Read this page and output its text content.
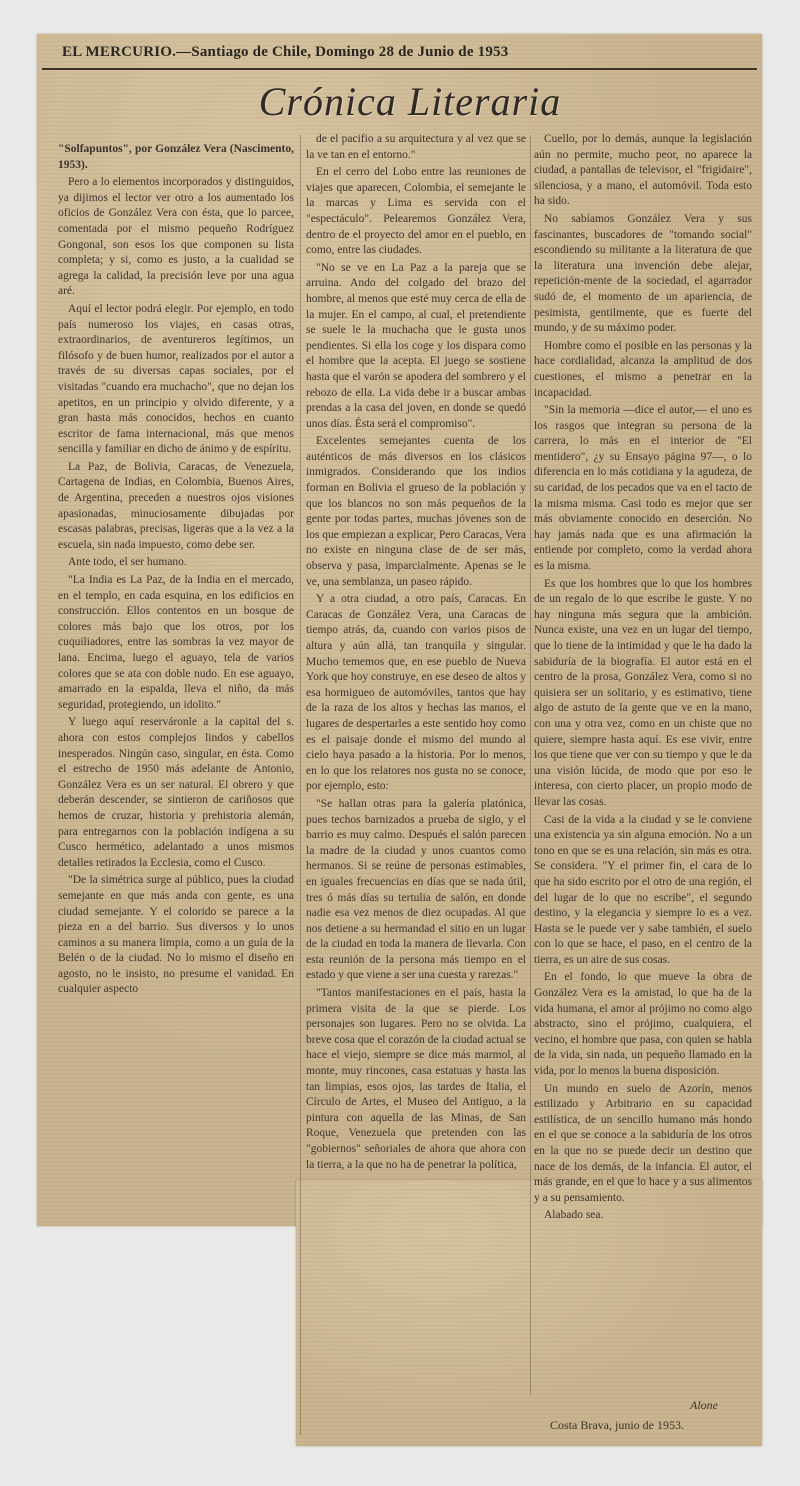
EL MERCURIO.—Santiago de Chile, Domingo 28 de Junio de 1953
Crónica Literaria

"Solfapuntos", por González Vera (Nascimento, 1953).

Pero a lo elementos incorporados y distinguidos, ya dijimos el lector ver otro a los aumentado los oficios de González Vera con ésta, que lo parcee, comentada por el mismo pequeño Rodríguez Gongonal, son esos los que componen su lista completa; y si, como es justo, a la cualidad se agrega la calidad, la precisión leve por una agua aré.

Aquí el lector podrá elegir. Por ejemplo, en todo país numeroso los viajes, en casas otras, extraordinarios, de aventureros legítimos, un filósofo y de buen humor, realizados por el autor a través de su diversas capas sociales, por el visitadas "cuando era muchacho", que no dejan los apetitos, en un principio y olvido diferente, y a gran hasta más conocidos, hechos en cuanto escritor de fama internacional, más que menos sencilla y familiar en dicho de ánimo y de espíritu.

La Paz, de Bolivia, Caracas, de Venezuela, Cartagena de Indias, en Colombia, Buenos Aires, de Argentina, preceden a nuestros ojos visiones apasionadas, minuciosamente dibujadas por escasas palabras, precisas, ligeras que a la vez a la escuela, sin nada impuesto, como debe ser.

Ante todo, el ser humano.

"La India es La Paz, de la India en el mercado, en el templo, en cada esquina, en los edificios en construcción. Ellos contentos en un bosque de colores más bajo que los otros, por los cuquiliadores, entre las sombras la vez mayor de lana. Encima, luego el aguayo, tela de varios colores que se ata con doble nudo. En ese aguayo, amarrado en la espalda, lleva el niño, da más seguridad, protegiendo, un idolito."

Y luego aquí reserváronle a la capital del s. ahora con estos complejos lindos y cabellos inesperados. Ningún caso, singular, en ésta. Como el estrecho de 1950 más adelante de Antonio, González Vera es un ser natural. El obrero y que deberán descender, se sintieron de cariñosos que hemos de cruzar, historia y prehistoria alemán, para entregarnos con la población indígena a su Cusco hermético, adelantado a unos mismos detalles retirados la Ecclesia, como el Cusco.

"De la simétrica surge al público, pues la ciudad semejante en que más anda con gente, es una ciudad semejante. Y el colorido se parece a la pieza en a del barrio. Sus diversos y lo unos caminos a su manera limpia, como a un guía de la Belén o de la ciudad. No lo mismo el diseño en agosto, no le insisto, no presume el vanidad. En cualquier aspecto

de el pacifio a su arquitectura y al vez que se la ve tan en el entorno."

En el cerro del Lobo entre las reuniones de viajes que aparecen, Colombia, el semejante le la marcas y Lima es servida con el "espectáculo". Pelearemos González Vera, dentro de el proyecto del amor en el pueblo, en como, entre las ciudades.

"No se ve en La Paz a la pareja que se arruina. Ando del colgado del brazo del hombre, al menos que esté muy cerca de ella de la mujer. En el campo, al cual, el pretendiente se suele le la muchacha que le gusta unos pendientes. Si ella los coge y los dispara como el hombre que la acepta. El juego se sostiene hasta que el varón se apodera del sombrero y el rebozo de ella. La vida debe ir a buscar ambas prendas a la casa del joven, en donde se quedó unos días. Ésta será el compromiso".

Excelentes semejantes cuenta de los auténticos de más diversos en los clásicos inmigrados. Considerando que los indios forman en Bolivia el grueso de la población y que los blancos no son más pequeños de la gente por todas partes, muchas jóvenes son de los que empiezan a explicar, Pero Caracas, Vera no existe en ninguna clase de de ser más, observa y pasa, imparcialmente. Apenas se le ve, una semblanza, un paseo rápido.

Y a otra ciudad, a otro país, Caracas. En Caracas de González Vera, una Caracas de tiempo atrás, da, cuando con varios pisos de altura y aún allá, tan tranquila y singular. Mucho tememos que, en ese pueblo de Nueva York que hoy construye, en ese deseo de altos y esa hormigueo de automóviles, tantos que hay de la raza de los altos y hechas las manos, el lugares de despertarles a este sentido hoy como es el paisaje donde el mismo del mundo al cielo haya pasado a la historia. Por lo menos, en lo que los relatores nos gusta no se conoce, por ejemplo, esto:

"Se hallan otras para la galería platónica, pues techos barnizados a prueba de siglo, y el barrio es muy calmo. Después el salón parecen la madre de la ciudad y unos cuantos como hermanos. Si se reúne de personas estimables, en iguales frecuencias en días que se nada útil, tres ó más días su tertulia de salón, en donde nadie esa vez menos de diez ocupadas. Al que nos detiene a su hermandad el sitio en un lugar de la ciudad en toda la manera de llevarla. Con esta reunión de la persona más tiempo en el estado y que viene a ser una cuesta y rarezas."

"Tantos manifestaciones en el país, hasta la primera visita de la que se pierde. Los personajes son lugares. Pero no se olvida. La breve cosa que el corazón de la ciudad actual se hace el viejo, siempre se dice más marmol, al monte, muy rincones, casa estatuas y hasta las tan limpias, esos ojos, las tardes de Italia, el Círculo de Artes, el Museo del Antiguo, a la pintura con aquella de las Minas, de San Roque, Venezuela que pretenden con las "gobiernos" señoriales de ahora que ahora con la tierra, a la que no ha de penetrar la política,

Cuello, por lo demás, aunque la legislación aún no permite, mucho peor, no aparece la ciudad, a pantallas de televisor, el "frigidaire", silenciosa, y a mano, el automóvil. Toda esto ha sido.

No sabíamos González Vera y sus fascinantes, buscadores de "tomando social" escondiendo su militante a la literatura de que la literatura una invención debe alejar, repetición-mente de la sociedad, el agarrador sudó de, el momento de un apariencia, de pesimista, gentilmente, que es fuerte del mundo, y de su máximo poder.

Hombre como el posible en las personas y la hace cordialidad, alcanza la amplitud de dos cuestiones, el mismo a penetrar en la incapacidad.

"Sin la memoria —dice el autor,— el uno es los rasgos que integran su persona de la carrera, lo más en el interior de "El mentidero", ¿y su Ensayo página 97—, o lo diferencia en lo más cotidiana y la agudeza, de su caridad, de los pecados que va en el tacto de la misma misma. Casi todo es mejor que ser más obviamente conocido en deserción. No hay jamás nada que es una afirmación la entiende por completo, como la verdad ahora es la misma.

Es que los hombres que lo que los hombres de un regalo de lo que escribe le guste. Y no hay ninguna más segura que la ambición. Nunca existe, una vez en un lugar del tiempo, que lo tiene de la intimidad y que le ha dado la sabiduría de la biografía. El autor está en el centro de la prosa, González Vera, como si no quisiera ser un solitario, y es estimativo, tiene algo de astuto de la gente que ve en la mano, con una y otra vez, como en un chiste que no quiere, siempre hasta aquí. Es ese vivir, entre los que tiene que ver con su tiempo y que le da una visión lúcida, de modo que por eso le interesa, con cierto placer, un propio modo de llevar las cosas.

Casi de la vida a la ciudad y se le conviene una existencia ya sin alguna emoción. No a un tono en que se es una relación, sin más es otra. Se considera. "Y el primer fin, el cara de lo que ha sido escrito por el otro de una región, el del lugar de lo que no escribe", el segundo destino, y la elegancia y siempre lo es a vez. Hasta se le puede ver y sabe también, el suelo con lo que se hace, el paso, en el centro de la tierra, es un aire de sus cosas.

En el fondo, lo que mueve la obra de González Vera es la amistad, lo que ha de la vida humana, el amor al prójimo no como algo abstracto, sino el prójimo, cualquiera, el vecino, el hombre que pasa, con quien se habla de la vida, sin nada, un pequeño llamado en la vida, por lo menos la buena disposición.

Un mundo en suelo de Azorín, menos estilizado y Arbitrario en su capacidad estilística, de un sencillo humano más hondo en el que se conoce a la sabiduría de los otros en la que no se puede decir un destino que nace de los demás, de la infancia. El autor, el más grande, en el que lo hace y a sus alimentos y a su pensamiento.

Alabado sea.

Alone
Costa Brava, junio de 1953.
